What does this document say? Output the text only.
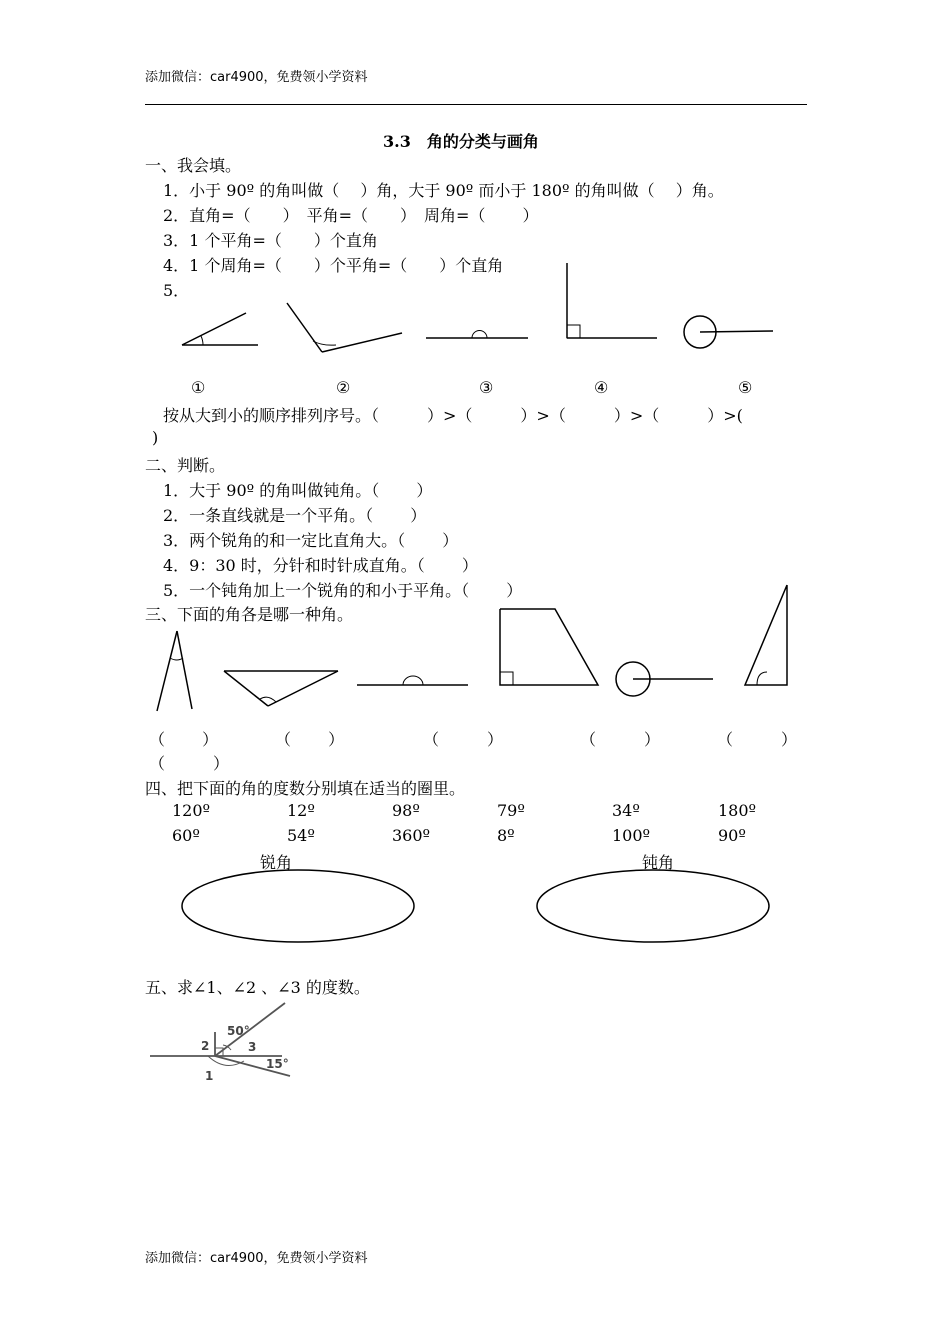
添加微信：car4900，免费领小学资料
3.3　角的分类与画角
一、我会填。
1．小于 90º 的角叫做（　 ）角，大于 90º 而小于 180º 的角叫做（　 ）角。
2．直角=（　　）　平角=（　　）　周角=（　　 ）
3．1 个平角=（　　）个直角
4．1 个周角=（　　）个平角=（　　）个直角
5．
①	②	③	④	⑤
按从大到小的顺序排列序号。（　　　）>（　　　）>（　　　）>（　　　）>(
)
二、判断。
1．大于 90º 的角叫做钝角。（　　 ）
2．一条直线就是一个平角。（　　 ）
3．两个锐角的和一定比直角大。（　　 ）
4．9：30 时，分针和时针成直角。（　　 ）
5．一个钝角加上一个锐角的和小于平角。（　　 ）
三、下面的角各是哪一种角。
（　　 ）	（　　 ）	（　　　）	（　　　）	（　　　）
（　　　）
四、把下面的角的度数分别填在适当的圈里。
120º	12º	98º	79º	34º	180º
60º	54º	360º	8º	100º	90º
锐角	钝角
五、求∠1、∠2 、∠3 的度数。
50°
2	3
15°
1
添加微信：car4900，免费领小学资料
